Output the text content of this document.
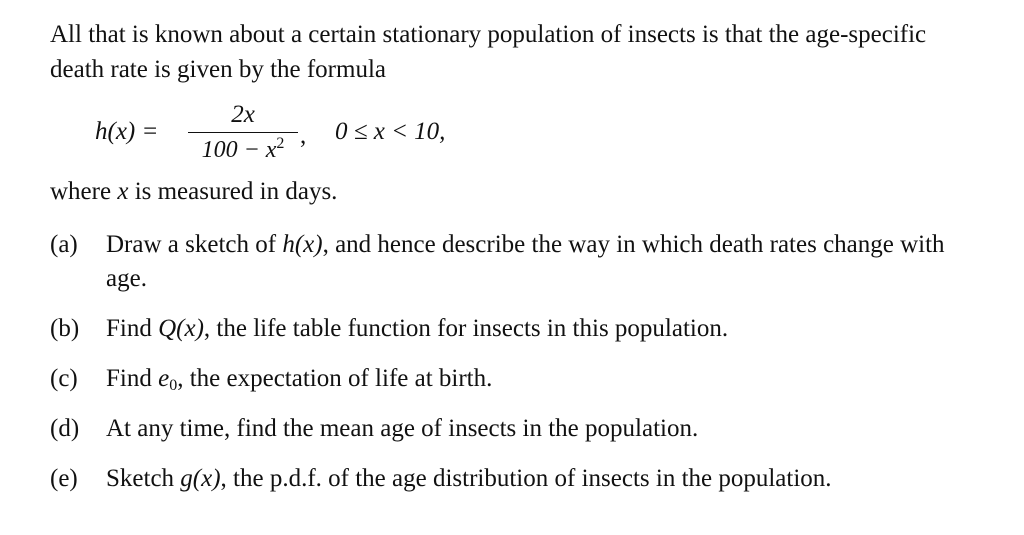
All that is known about a certain stationary population of insects is that the age-specific death rate is given by the formula
h(x) =
2x
$100 - x^2$ , 0 ≤ x < 10,
where x is measured in days.
(a)	Draw a sketch of h(x), and hence describe the way in which death rates change with age.
(b)	Find Q(x), the life table function for insects in this population.
(c)	Find $e_0$, the expectation of life at birth.
(d)	At any time, find the mean age of insects in the population.
(e)	Sketch g(x), the p.d.f. of the age distribution of insects in the population.
